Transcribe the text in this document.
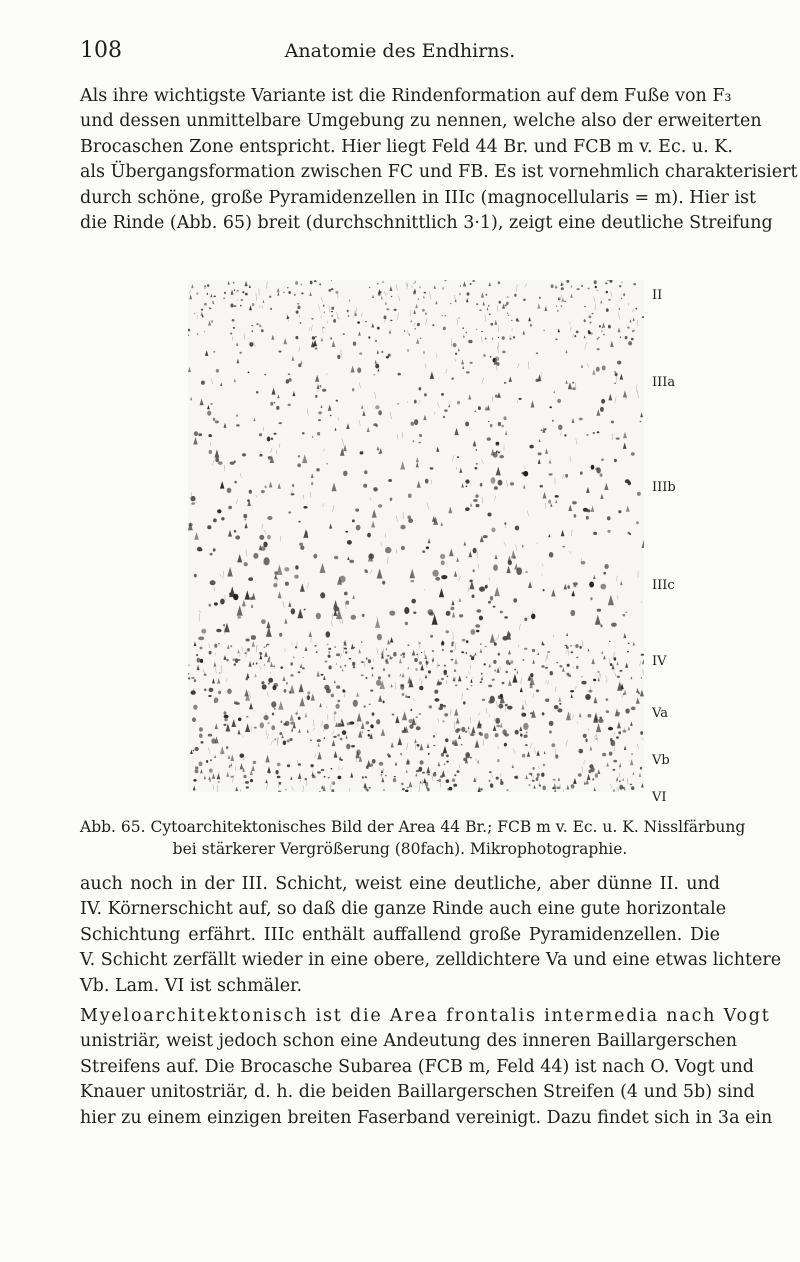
108	Anatomie des Endhirns.

Als ihre wichtigste Variante ist die Rindenformation auf dem Fuße von F₃
und dessen unmittelbare Umgebung zu nennen, welche also der erweiterten
Brocaschen Zone entspricht. Hier liegt Feld 44 Br. und FCB m v. Ec. u. K.
als Übergangsformation zwischen FC und FB. Es ist vornehmlich charakterisiert
durch schöne, große Pyramidenzellen in IIIc (magnocellularis = m). Hier ist
die Rinde (Abb. 65) breit (durchschnittlich 3·1), zeigt eine deutliche Streifung

II
IIIa
IIIb
IIIc
IV
Va
Vb
VI
Abb. 65. Cytoarchitektonisches Bild der Area 44 Br.; FCB m v. Ec. u. K. Nisslfärbung
bei stärkerer Vergrößerung (80fach). Mikrophotographie.

auch noch in der III. Schicht, weist eine deutliche, aber dünne II. und
IV. Körnerschicht auf, so daß die ganze Rinde auch eine gute horizontale
Schichtung erfährt. IIIc enthält auffallend große Pyramidenzellen. Die
V. Schicht zerfällt wieder in eine obere, zelldichtere Va und eine etwas lichtere
Vb. Lam. VI ist schmäler.

Myeloarchitektonisch ist die Area frontalis intermedia nach Vogt
unistriär, weist jedoch schon eine Andeutung des inneren Baillargerschen
Streifens auf. Die Brocasche Subarea (FCB m, Feld 44) ist nach O. Vogt und
Knauer unitostriär, d. h. die beiden Baillargerschen Streifen (4 und 5b) sind
hier zu einem einzigen breiten Faserband vereinigt. Dazu findet sich in 3a ein
